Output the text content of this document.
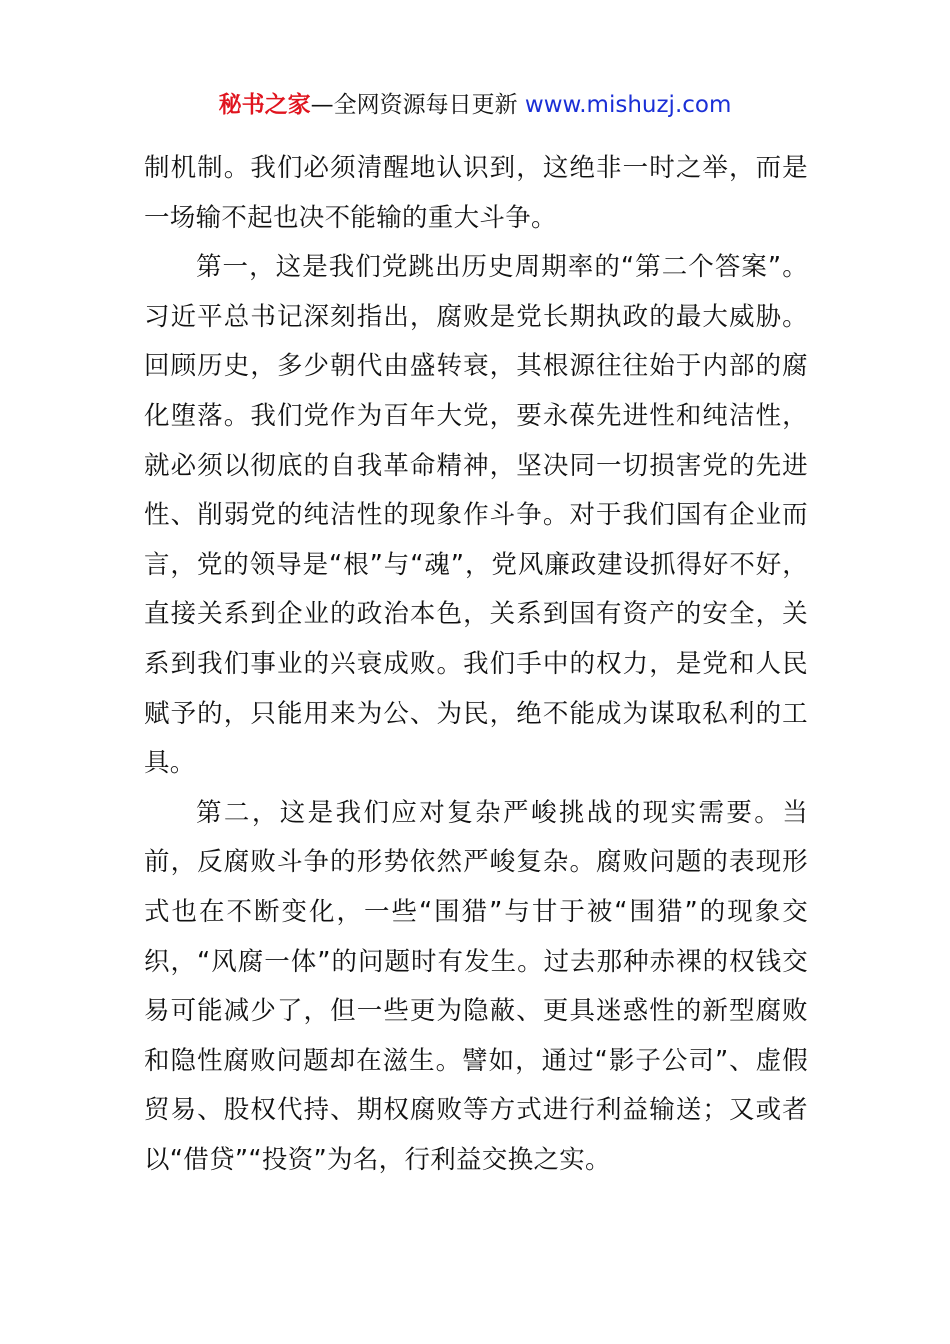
秘书之家—全网资源每日更新 www.mishuzj.com

制机制。我们必须清醒地认识到，这绝非一时之举，而是一场输不起也决不能输的重大斗争。

第一，这是我们党跳出历史周期率的“第二个答案”。习近平总书记深刻指出，腐败是党长期执政的最大威胁。回顾历史，多少朝代由盛转衰，其根源往往始于内部的腐化堕落。我们党作为百年大党，要永葆先进性和纯洁性，就必须以彻底的自我革命精神，坚决同一切损害党的先进性、削弱党的纯洁性的现象作斗争。对于我们国有企业而言，党的领导是“根”与“魂”，党风廉政建设抓得好不好，直接关系到企业的政治本色，关系到国有资产的安全，关系到我们事业的兴衰成败。我们手中的权力，是党和人民赋予的，只能用来为公、为民，绝不能成为谋取私利的工具。

第二，这是我们应对复杂严峻挑战的现实需要。当前，反腐败斗争的形势依然严峻复杂。腐败问题的表现形式也在不断变化，一些“围猎”与甘于被“围猎”的现象交织，“风腐一体”的问题时有发生。过去那种赤裸的权钱交易可能减少了，但一些更为隐蔽、更具迷惑性的新型腐败和隐性腐败问题却在滋生。譬如，通过“影子公司”、虚假贸易、股权代持、期权腐败等方式进行利益输送；又或者以“借贷”“投资”为名，行利益交换之实。
